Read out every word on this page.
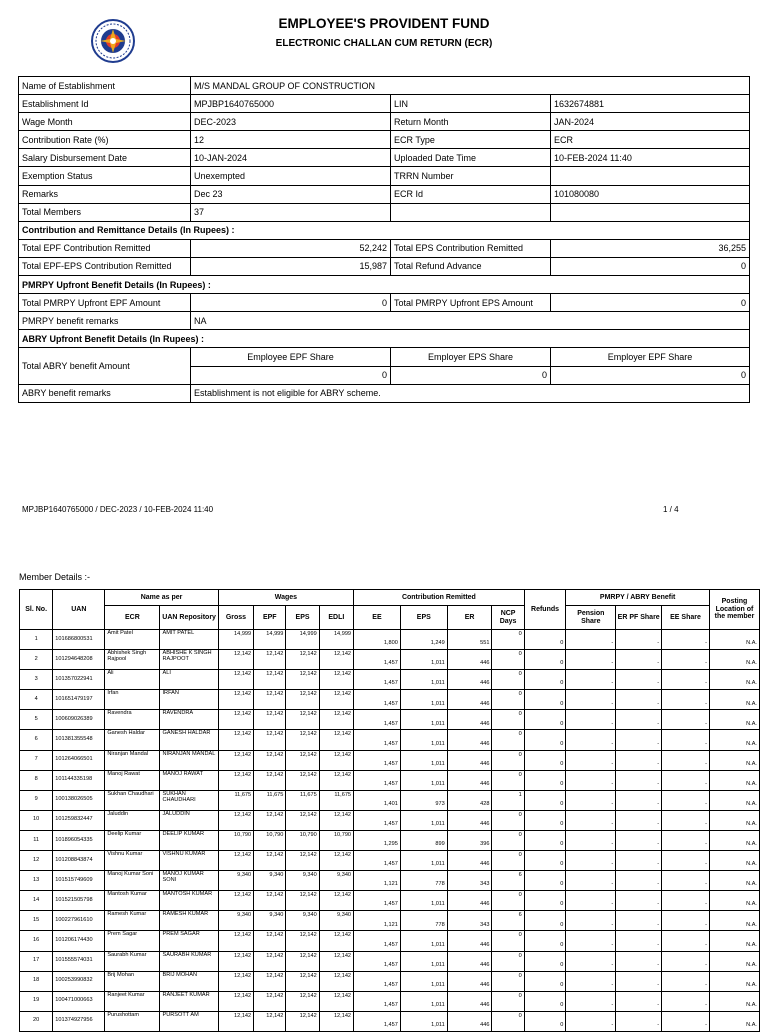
EMPLOYEE'S PROVIDENT FUND
ELECTRONIC CHALLAN CUM RETURN (ECR)
Name of Establishment	M/S MANDAL GROUP OF CONSTRUCTION		
Establishment Id	MPJBP1640765000	LIN	1632674881
Wage Month	DEC-2023	Return Month	JAN-2024
Contribution Rate (%)	12	ECR Type	ECR
Salary Disbursement Date	10-JAN-2024	Uploaded Date Time	10-FEB-2024 11:40
Exemption Status	Unexempted	TRRN Number	
Remarks	Dec 23	ECR Id	101080080
Total Members	37		
Contribution and Remittance Details (In Rupees) :			
Total EPF Contribution Remitted	52,242	Total EPS Contribution Remitted	36,255
Total EPF-EPS Contribution Remitted	15,987	Total Refund Advance	0
PMRPY Upfront Benefit Details (In Rupees) :			
Total PMRPY Upfront EPF Amount	0	Total PMRPY Upfront EPS Amount	0
PMRPY benefit remarks	NA		
ABRY Upfront Benefit Details (In Rupees) :			
Total ABRY benefit Amount	Employee EPF Share	Employer EPS Share	Employer EPF Share
	0	0	0
ABRY benefit remarks	Establishment is not eligible for ABRY scheme.		
MPJBP1640765000 / DEC-2023 / 10-FEB-2024 11:40	1 / 4
Member Details :-
Sl. No.	UAN	Name as per		Wages				Contribution Remitted				Refunds	PMRPY / ABRY Benefit			Posting Location of the member
		ECR	UAN Repository	Gross	EPF	EPS	EDLI	EE	EPS	ER	NCP Days		Pension Share	ER PF Share	EE Share	
1	101686800531	Amit Patel	AMIT PATEL	14,999	14,999	14,999	14,999	1,800	1,249	551	0	0	-	-	-	N.A.
2	101294648208	Abhishek Singh Rajpool	ABHISHE K SINGH RAJPOOT	12,142	12,142	12,142	12,142	1,457	1,011	446	0	0	-	-	-	N.A.
3	101357022941	Ali	ALI	12,142	12,142	12,142	12,142	1,457	1,011	446	0	0	-	-	-	N.A.
4	101651479197	Irfan	IRFAN	12,142	12,142	12,142	12,142	1,457	1,011	446	0	0	-	-	-	N.A.
5	100609026389	Ravendra	RAVENDRA	12,142	12,142	12,142	12,142	1,457	1,011	446	0	0	-	-	-	N.A.
6	101381355548	Ganesh Haldar	GANESH HALDAR	12,142	12,142	12,142	12,142	1,457	1,011	446	0	0	-	-	-	N.A.
7	101264066501	Niranjan Mandal	NIRANJAN MANDAL	12,142	12,142	12,142	12,142	1,457	1,011	446	0	0	-	-	-	N.A.
8	101144335198	Manoj Rawat	MANOJ RAWAT	12,142	12,142	12,142	12,142	1,457	1,011	446	0	0	-	-	-	N.A.
9	100138026505	Sukhan Chaudhari	SUKHAN CHAUDHARI	11,675	11,675	11,675	11,675	1,401	973	428	1	0	-	-	-	N.A.
10	101259832447	Jaluddin	JALUDDIN	12,142	12,142	12,142	12,142	1,457	1,011	446	0	0	-	-	-	N.A.
11	101896054335	Deelip Kumar	DEELIP KUMAR	10,790	10,790	10,790	10,790	1,295	899	396	0	0	-	-	-	N.A.
12	101208843874	Vishnu Kumar	VISHNU KUMAR	12,142	12,142	12,142	12,142	1,457	1,011	446	0	0	-	-	-	N.A.
13	101515749609	Manoj Kumar Soni	MANOJ KUMAR SONI	9,340	9,340	9,340	9,340	1,121	778	343	6	0	-	-	-	N.A.
14	101521505798	Mantosh Kumar	MANTOSH KUMAR	12,142	12,142	12,142	12,142	1,457	1,011	446	0	0	-	-	-	N.A.
15	100227961610	Ramesh Kumar	RAMESH KUMAR	9,340	9,340	9,340	9,340	1,121	778	343	6	0	-	-	-	N.A.
16	101206174430	Prem Sagar	PREM SAGAR	12,142	12,142	12,142	12,142	1,457	1,011	446	0	0	-	-	-	N.A.
17	101555574031	Saurabh Kumar	SAURABH KUMAR	12,142	12,142	12,142	12,142	1,457	1,011	446	0	0	-	-	-	N.A.
18	100253990832	Brij Mohan	BRIJ MOHAN	12,142	12,142	12,142	12,142	1,457	1,011	446	0	0	-	-	-	N.A.
19	100471000663	Ranjeet Kumar	RANJEET KUMAR	12,142	12,142	12,142	12,142	1,457	1,011	446	0	0	-	-	-	N.A.
20	101374927956	Purushottam	PURSOTT AM	12,142	12,142	12,142	12,142	1,457	1,011	446	0	0	-	-	-	N.A.
